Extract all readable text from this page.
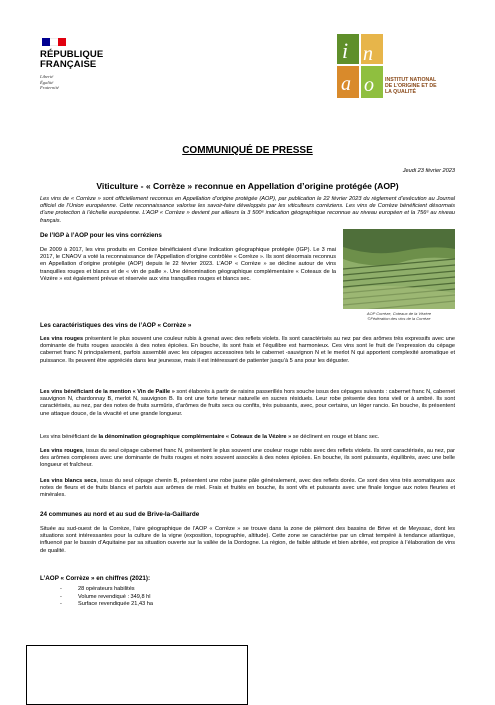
RÉPUBLIQUE
FRANÇAISE
Liberté
Égalité
Fraternité
i n
a o INSTITUT NATIONAL
DE L’ORIGINE ET DE
LA QUALITÉ
COMMUNIQUÉ DE PRESSE
Jeudi 23 février 2023
Viticulture - « Corrèze » reconnue en Appellation d’origine protégée (AOP)
Les vins de « Corrèze » sont officiellement reconnus en Appellation d’origine protégée (AOP), par publication le 22 février 2023 du règlement d’exécution au Journal officiel de l’Union européenne. Cette reconnaissance valorise les savoir-faire développés par les viticulteurs corréziens. Les vins de Corrèze bénéficient désormais d’une protection à l’échelle européenne. L’AOP « Corrèze » devient par ailleurs la 3 500ᵉ indication géographique reconnue au niveau européen et la 756ᵉ au niveau français.
De l’IGP à l’AOP pour les vins corréziens
De 2009 à 2017, les vins produits en Corrèze bénéficiaient d’une Indication géographique protégée (IGP). Le 3 mai 2017, le CNAOV a voté la reconnaissance de l’Appellation d’origine contrôlée « Corrèze ». Ils sont désormais reconnus en Appellation d’origine protégée (AOP) depuis le 22 février 2023. L’AOP « Corrèze » se décline autour de vins tranquilles rouges et blancs et de « vin de paille ». Une dénomination géographique complémentaire « Coteaux de la Vézère » est également prévue et réservée aux vins tranquilles rouges et blancs sec.
AOP Corrèze, Coteaux de la Vézère
©Fédération des vins de la Corrèze
Les caractéristiques des vins de l’AOP « Corrèze »
Les vins rouges présentent le plus souvent une couleur rubis à grenat avec des reflets violets. Ils sont caractérisés au nez par des arômes très expressifs avec une dominante de fruits rouges associés à des notes épicées. En bouche, ils sont frais et l’équilibre est harmonieux. Ces vins sont le fruit de l’expression du cépage cabernet franc N principalement, parfois assemblé avec les cépages accessoires tels le cabernet -sauvignon N et le merlot N qui apportent complexité aromatique et puissance. Ils peuvent être appréciés dans leur jeunesse, mais il est intéressant de patienter jusqu’à 5 ans pour les déguster.
Les vins bénéficiant de la mention « Vin de Paille » sont élaborés à partir de raisins passerillés hors souche issus des cépages suivants : cabernet franc N, cabernet sauvignon N, chardonnay B, merlot N, sauvignon B. Ils ont une forte teneur naturelle en sucres résiduels. Leur robe présente des tons vieil or à ambré. Ils sont caractérisés, au nez, par des notes de fruits surmûris, d’arômes de fruits secs ou confits, très puissants, avec, pour certains, un léger rancio. En bouche, ils présentent une attaque douce, de la vivacité et une grande longueur.
Les vins bénéficiant de la dénomination géographique complémentaire « Coteaux de la Vézère » se déclinent en rouge et blanc sec.
Les vins rouges, issus du seul cépage cabernet franc N, présentent le plus souvent une couleur rouge rubis avec des reflets violets. Ils sont caractérisés, au nez, par des arômes complexes avec une dominante de fruits rouges et noirs souvent associés à des notes épicées. En bouche, ils sont puissants, équilibrés, avec une belle longueur et fraîcheur.
Les vins blancs secs, issus du seul cépage chenin B, présentent une robe jaune pâle généralement, avec des reflets dorés. Ce sont des vins très aromatiques aux notes de fleurs et de fruits blancs et parfois aux arômes de miel. Frais et fruités en bouche, ils sont vifs et puissants avec une finale longue aux notes fleuries et minérales.
24 communes au nord et au sud de Brive-la-Gaillarde
Située au sud-ouest de la Corrèze, l’aire géographique de l’AOP « Corrèze » se trouve dans la zone de piémont des bassins de Brive et de Meyssac, dont les situations sont intéressantes pour la culture de la vigne (exposition, topographie, altitude). Cette zone se caractérise par un climat tempéré à tendance atlantique, influencé par le bassin d’Aquitaine par sa situation ouverte sur la vallée de la Dordogne. La région, de faible altitude et bien abritée, est propice à l’élaboration de vins de qualité.
L’AOP « Corrèze » en chiffres (2021):
-	28 opérateurs habilités
-	Volume revendiqué : 349,8 hl
-	Surface revendiquée 21,43 ha
